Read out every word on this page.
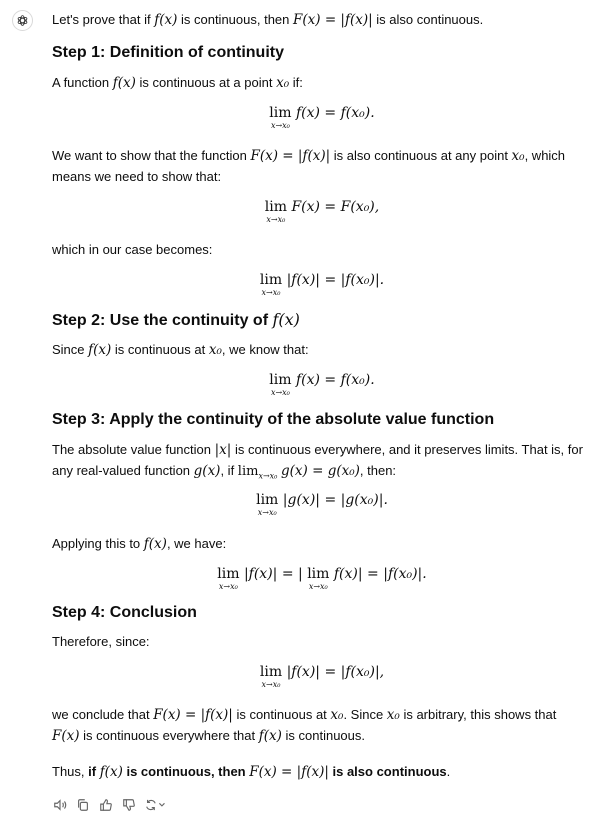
Let's prove that if f(x) is continuous, then F(x) = |f(x)| is also continuous.
Step 1: Definition of continuity
A function f(x) is continuous at a point x₀ if:
lim
x→x₀
f(x) = f(x₀).
We want to show that the function F(x) = |f(x)| is also continuous at any point x₀, which
means we need to show that:
lim
x→x₀
F(x) = F(x₀),
which in our case becomes:
lim
x→x₀
|f(x)| = |f(x₀)|.
Step 2: Use the continuity of f(x)
Since f(x) is continuous at x₀, we know that:
lim
x→x₀
f(x) = f(x₀).
Step 3: Apply the continuity of the absolute value function
The absolute value function |x| is continuous everywhere, and it preserves limits. That is, for
any real-valued function g(x), if $\lim_{x\to x_0} g(x) = g(x_0)$, then:
lim
x→x₀
|g(x)| = |g(x₀)|.
Applying this to f(x), we have:
lim
x→x₀
|f(x)| = | lim
x→x₀
f(x)| = |f(x₀)|.
Step 4: Conclusion
Therefore, since:
lim
x→x₀
|f(x)| = |f(x₀)|,
we conclude that F(x) = |f(x)| is continuous at x₀. Since x₀ is arbitrary, this shows that
F(x) is continuous everywhere that f(x) is continuous.
Thus, if f(x) is continuous, then F(x) = |f(x)| is also continuous.
